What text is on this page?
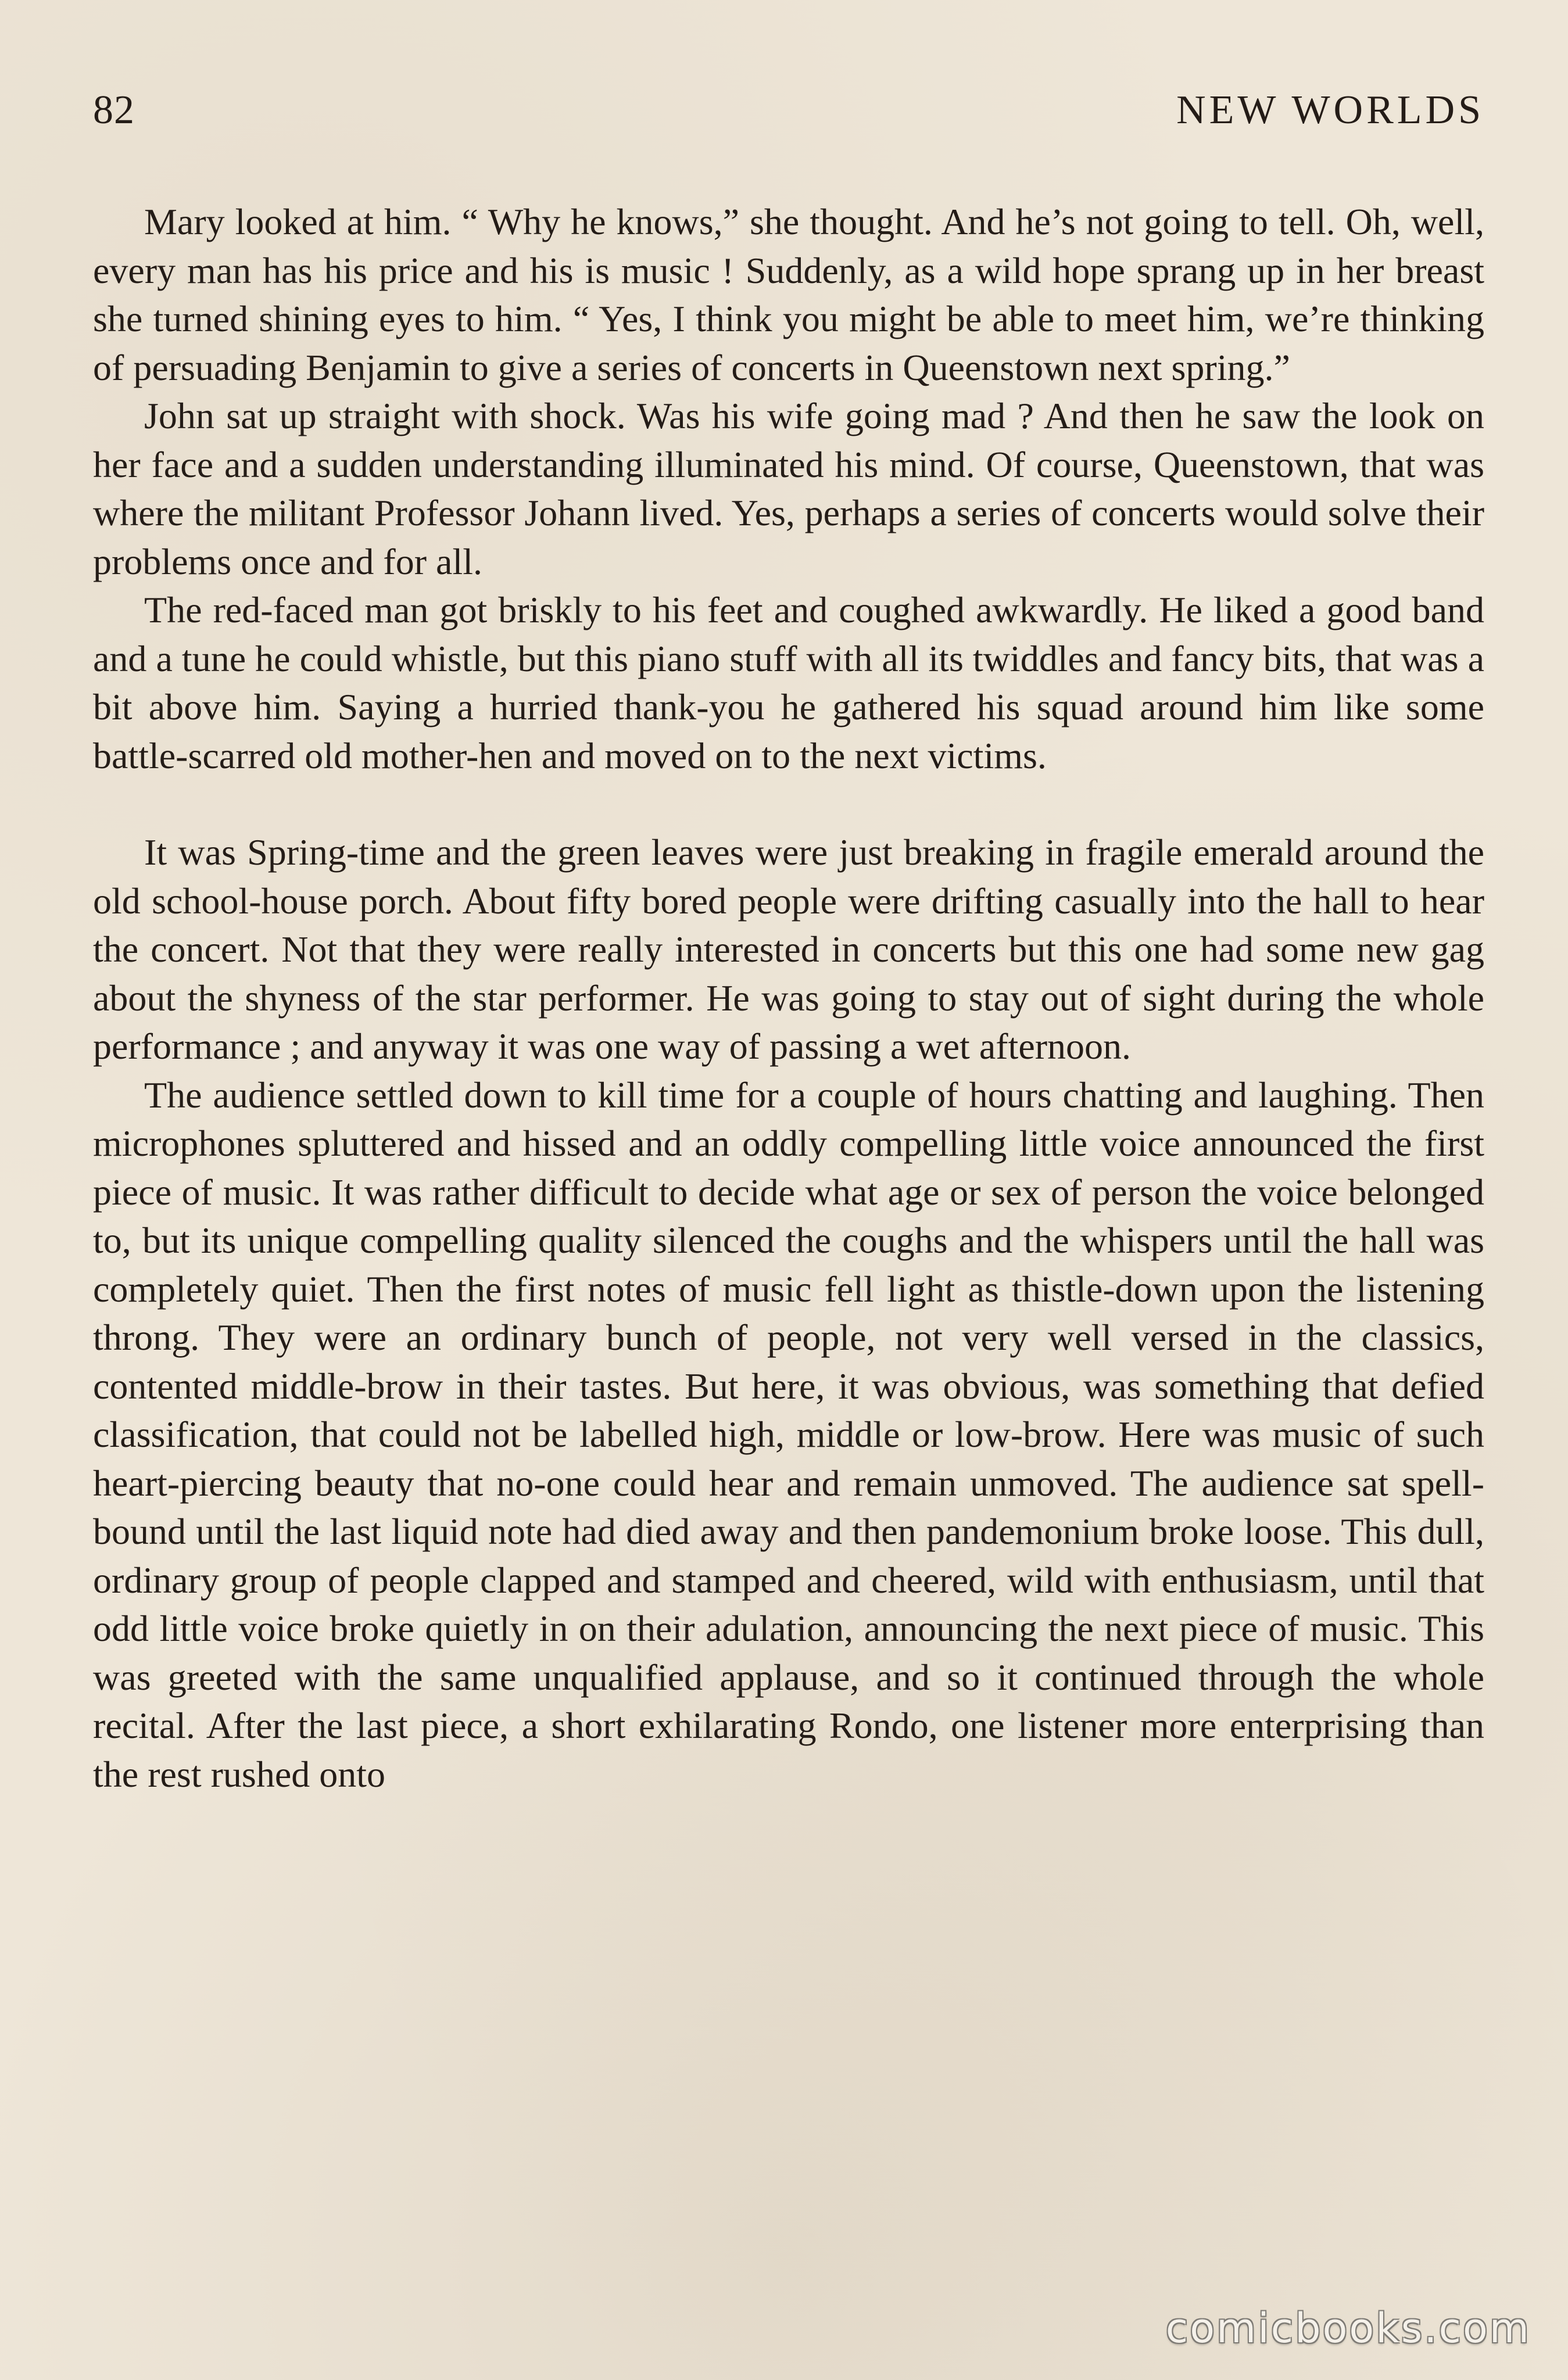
82	NEW WORLDS

Mary looked at him. “ Why he knows,” she thought. And he’s not going to tell. Oh, well, every man has his price and his is music ! Suddenly, as a wild hope sprang up in her breast she turned shining eyes to him. “ Yes, I think you might be able to meet him, we’re thinking of persuading Benjamin to give a series of concerts in Queenstown next spring.”

John sat up straight with shock. Was his wife going mad ? And then he saw the look on her face and a sudden understanding illuminated his mind. Of course, Queenstown, that was where the militant Professor Johann lived. Yes, perhaps a series of concerts would solve their problems once and for all.

The red-faced man got briskly to his feet and coughed awkwardly. He liked a good band and a tune he could whistle, but this piano stuff with all its twiddles and fancy bits, that was a bit above him. Saying a hurried thank-you he gathered his squad around him like some battle-scarred old mother-hen and moved on to the next victims.

It was Spring-time and the green leaves were just breaking in fragile emerald around the old school-house porch. About fifty bored people were drifting casually into the hall to hear the concert. Not that they were really interested in concerts but this one had some new gag about the shyness of the star performer. He was going to stay out of sight during the whole performance ; and anyway it was one way of passing a wet afternoon.

The audience settled down to kill time for a couple of hours chatting and laughing. Then microphones spluttered and hissed and an oddly compelling little voice announced the first piece of music. It was rather difficult to decide what age or sex of person the voice belonged to, but its unique compelling quality silenced the coughs and the whispers until the hall was completely quiet. Then the first notes of music fell light as thistle-down upon the listening throng. They were an ordinary bunch of people, not very well versed in the classics, contented middle-brow in their tastes. But here, it was obvious, was something that defied classification, that could not be labelled high, middle or low-brow. Here was music of such heart-piercing beauty that no-one could hear and remain unmoved. The audience sat spellbound until the last liquid note had died away and then pandemonium broke loose. This dull, ordinary group of people clapped and stamped and cheered, wild with enthusiasm, until that odd little voice broke quietly in on their adulation, announcing the next piece of music. This was greeted with the same unqualified applause, and so it continued through the whole recital. After the last piece, a short exhilarating Rondo, one listener more enterprising than the rest rushed onto

comicbooks.com
